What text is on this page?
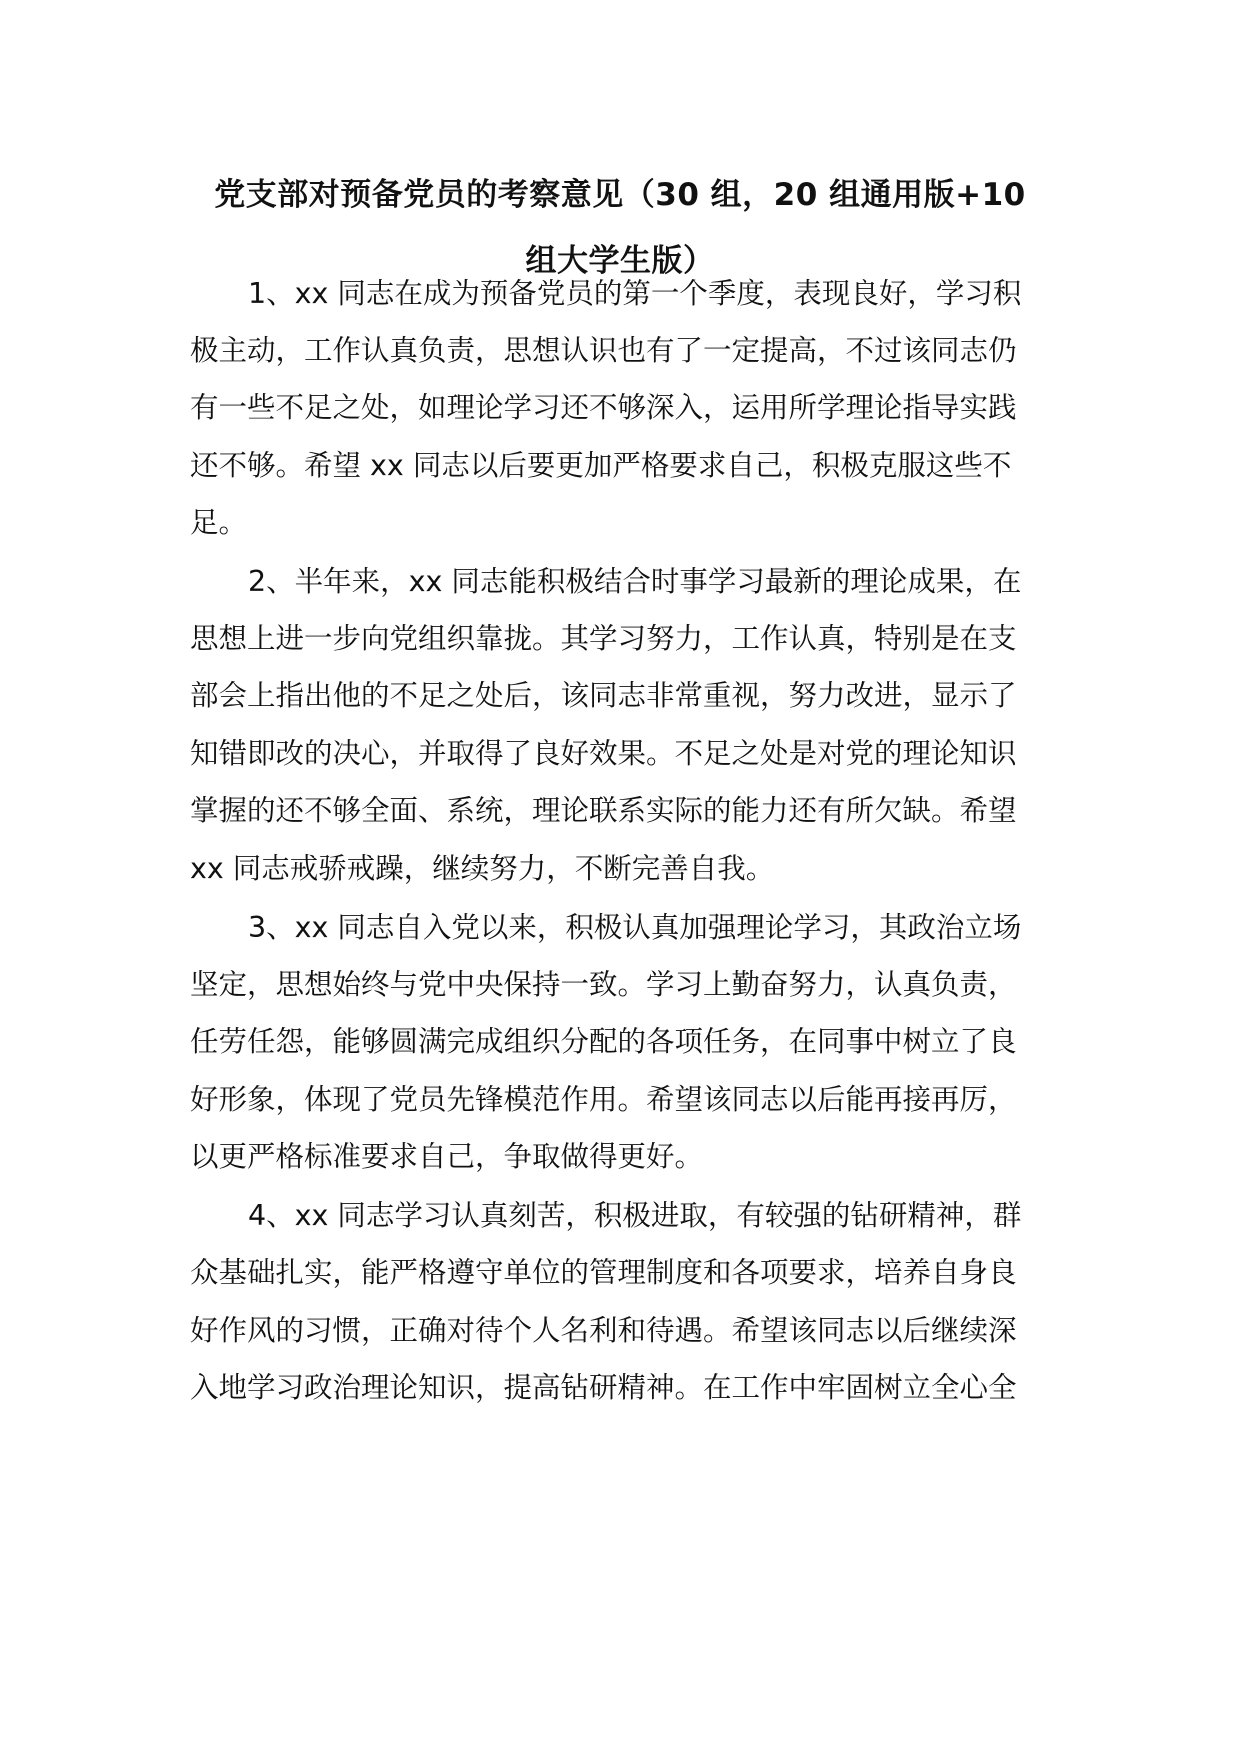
党支部对预备党员的考察意见（30 组，20 组通用版+10
组大学生版）
1、xx 同志在成为预备党员的第一个季度，表现良好，学习积
极主动，工作认真负责，思想认识也有了一定提高，不过该同志仍
有一些不足之处，如理论学习还不够深入，运用所学理论指导实践
还不够。希望 xx 同志以后要更加严格要求自己，积极克服这些不
足。
2、半年来，xx 同志能积极结合时事学习最新的理论成果，在
思想上进一步向党组织靠拢。其学习努力，工作认真，特别是在支
部会上指出他的不足之处后，该同志非常重视，努力改进，显示了
知错即改的决心，并取得了良好效果。不足之处是对党的理论知识
掌握的还不够全面、系统，理论联系实际的能力还有所欠缺。希望
xx 同志戒骄戒躁，继续努力，不断完善自我。
3、xx 同志自入党以来，积极认真加强理论学习，其政治立场
坚定，思想始终与党中央保持一致。学习上勤奋努力，认真负责，
任劳任怨，能够圆满完成组织分配的各项任务，在同事中树立了良
好形象，体现了党员先锋模范作用。希望该同志以后能再接再厉，
以更严格标准要求自己，争取做得更好。
4、xx 同志学习认真刻苦，积极进取，有较强的钻研精神，群
众基础扎实，能严格遵守单位的管理制度和各项要求，培养自身良
好作风的习惯，正确对待个人名利和待遇。希望该同志以后继续深
入地学习政治理论知识，提高钻研精神。在工作中牢固树立全心全
